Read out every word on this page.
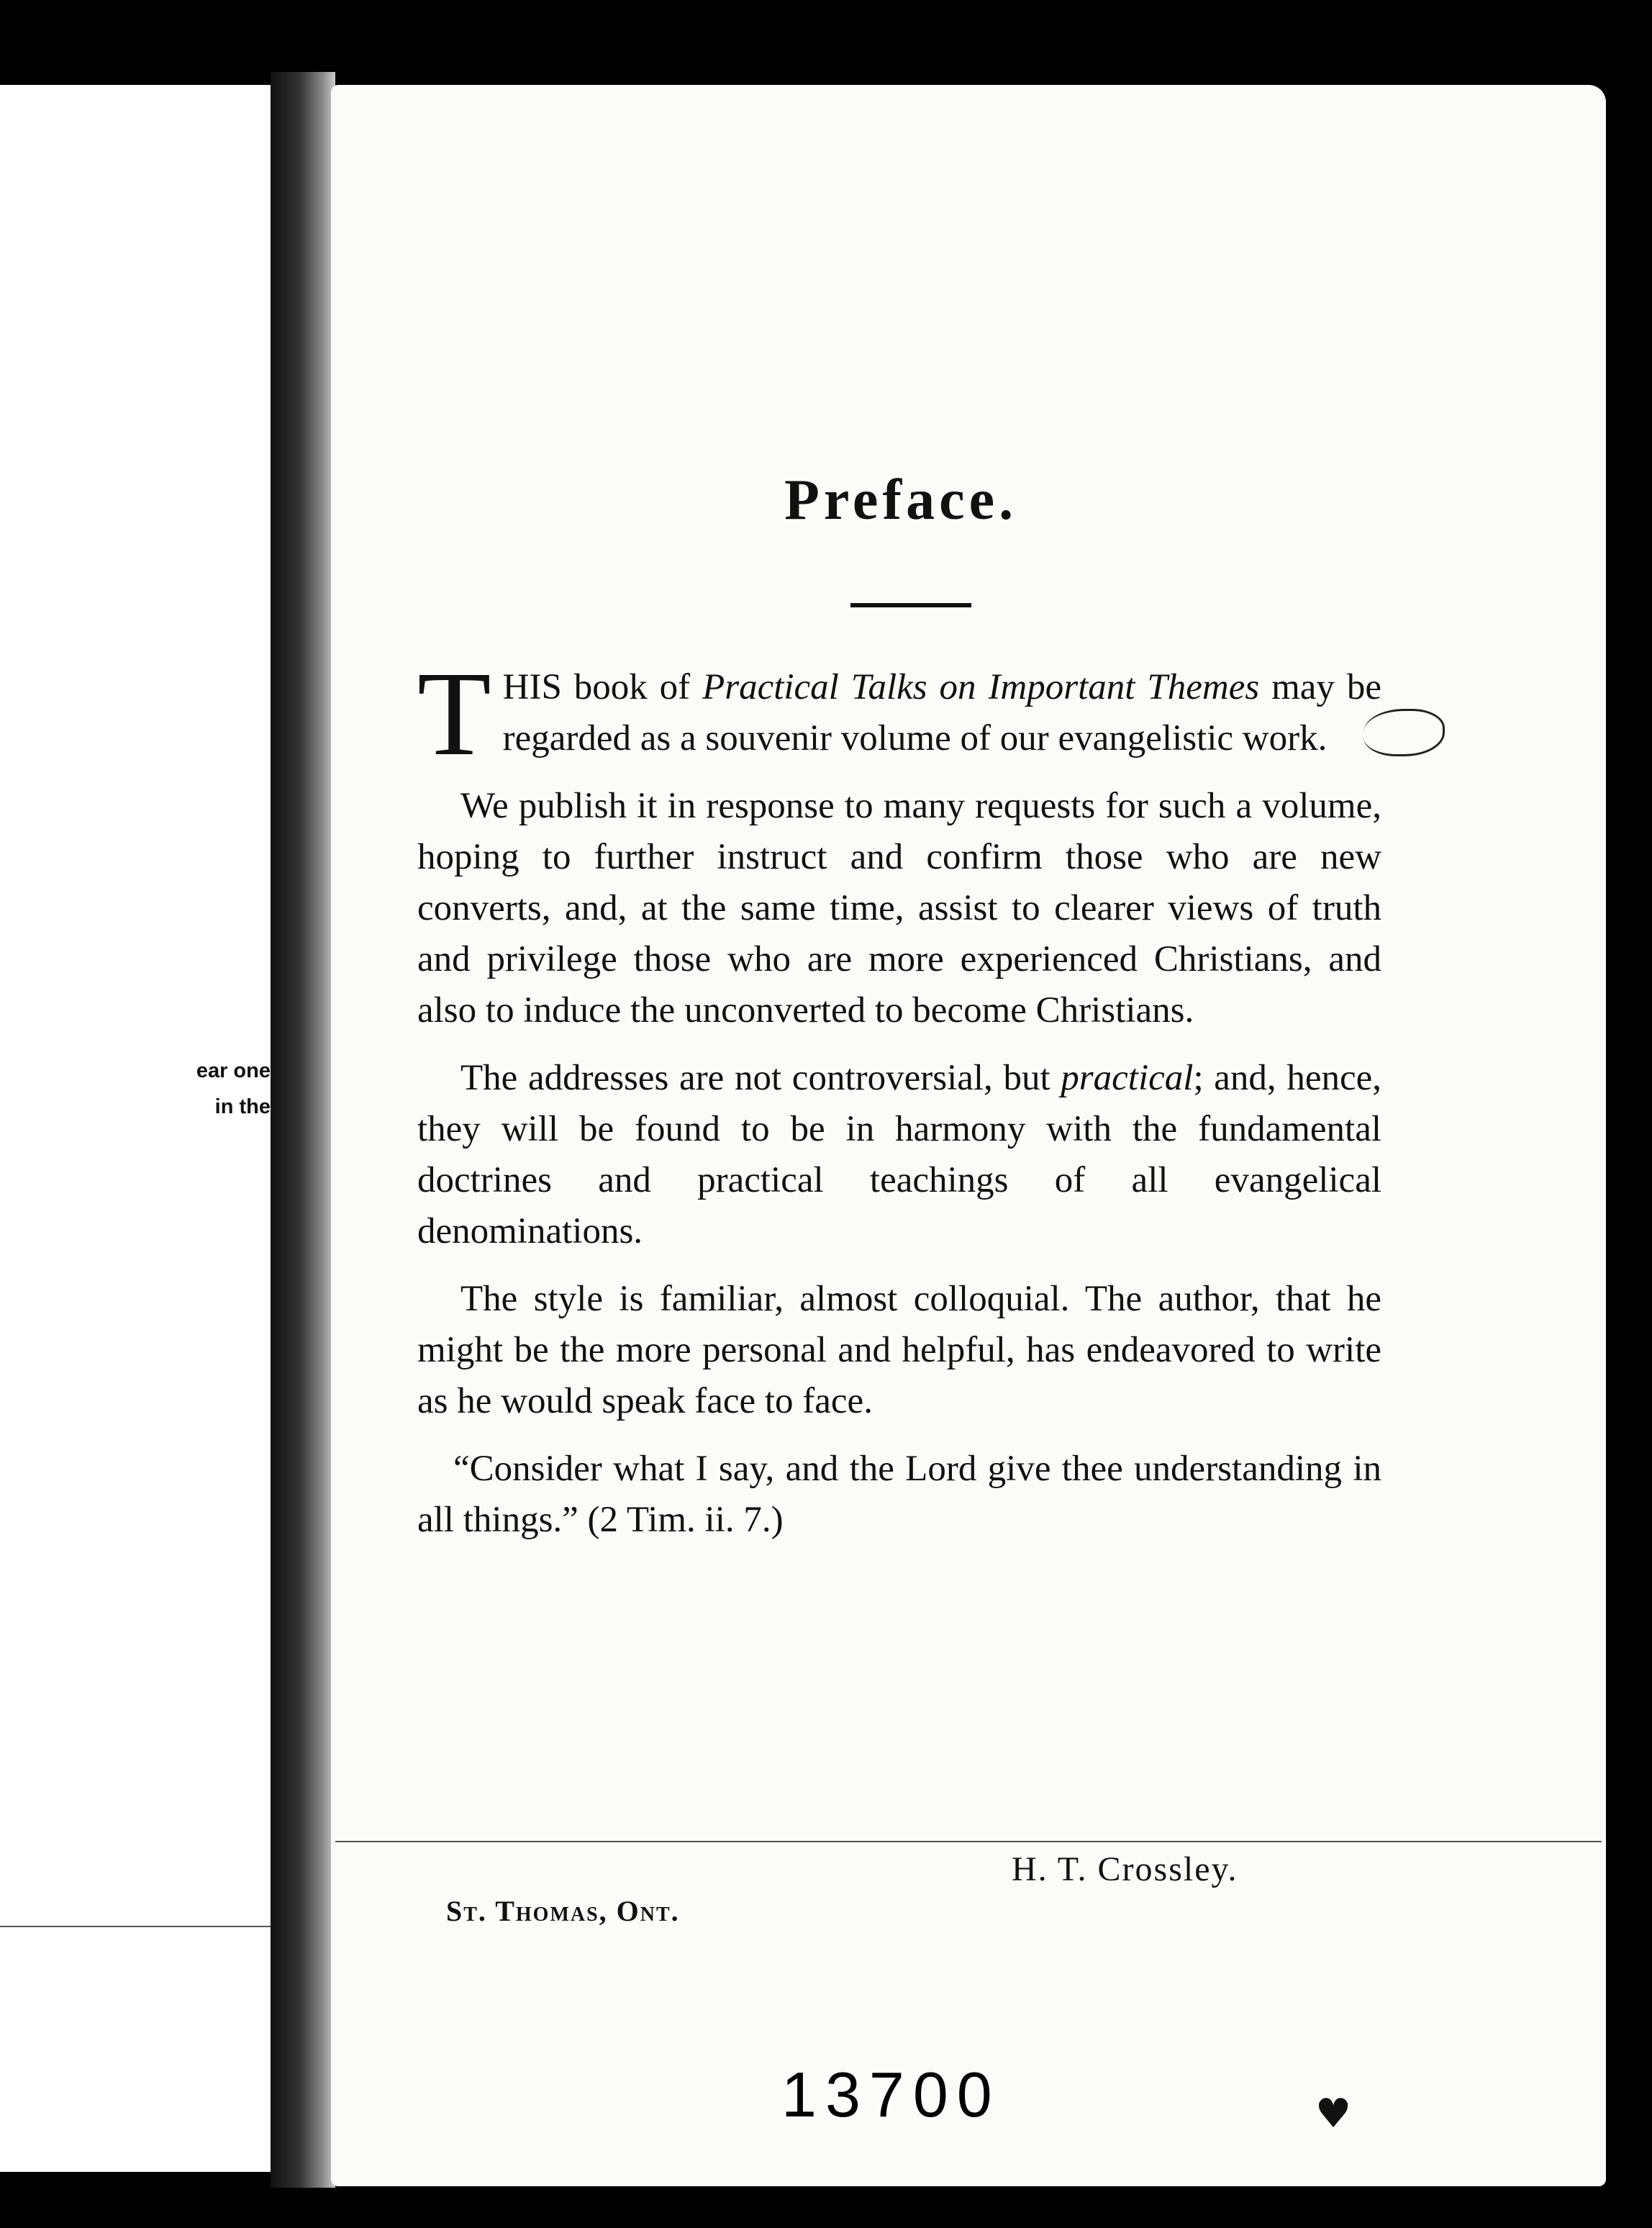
ear one
in the
Preface.

THIS book of Practical Talks on Important Themes may be regarded as a souvenir volume of our evangelistic work.

We publish it in response to many requests for such a volume, hoping to further instruct and confirm those who are new converts, and, at the same time, assist to clearer views of truth and privilege those who are more experienced Christians, and also to induce the unconverted to become Christians.

The addresses are not controversial, but practical; and, hence, they will be found to be in harmony with the fundamental doctrines and practical teachings of all evangelical denominations.

The style is familiar, almost colloquial. The author, that he might be the more personal and helpful, has endeavored to write as he would speak face to face.

“Consider what I say, and the Lord give thee understanding in all things.” (2 Tim. ii. 7.)

H. T. Crossley.
St. Thomas, Ont.
13700	♥
